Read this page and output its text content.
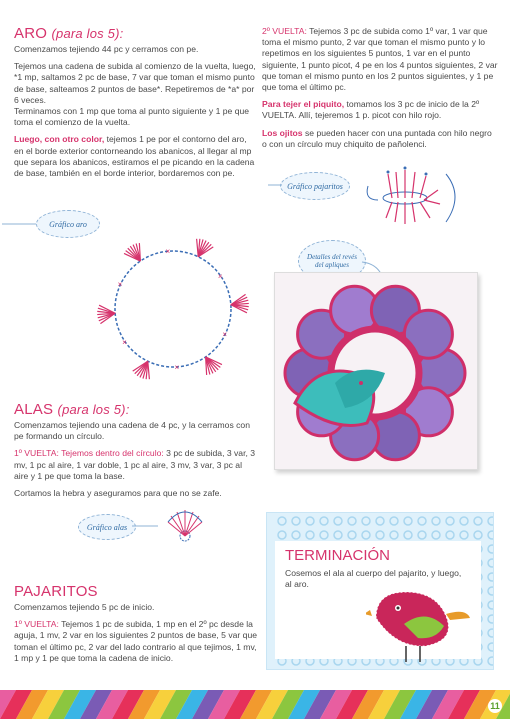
ARO (para los 5):

Comenzamos tejiendo 44 pc y cerramos con pe.

Tejemos una cadena de subida al comienzo de la vuelta, luego, *1 mp, saltamos 2 pc de base, 7 var que toman el mismo punto de base, salteamos 2 puntos de base*. Repetiremos de *a* por 6 veces.

Terminamos con 1 mp que toma al punto siguiente y 1 pe que toma el comienzo de la vuelta.

Luego, con otro color, tejemos 1 pe por el contorno del aro, en el borde exterior contorneando los abanicos, al llegar al mp que separa los abanicos, estiramos el pe picando en la cadena de base, también en el borde interior, bordaremos con pe.

Gráfico aro
×
×
×
×
×
×
ALAS (para los 5):

Comenzamos tejiendo una cadena de 4 pc, y la cerramos con pe formando un círculo.

1º VUELTA: Tejemos dentro del círculo: 3 pc de subida, 3 var, 3 mv, 1 pc al aire, 1 var doble, 1 pc al aire, 3 mv, 3 var, 3 pc al aire y 1 pe que toma la base.

Cortamos la hebra y aseguramos para que no se zafe.

Gráfico alas
PAJARITOS

Comenzamos tejiendo 5 pc de inicio.

1º VUELTA: Tejemos 1 pc de subida, 1 mp en el 2º pc desde la aguja, 1 mv, 2 var en los siguientes 2 puntos de base, 5 var que toman el último pc, 2 var del lado contrario al que tejimos, 1 mv, 1 mp y 1 pe que toma la cadena de inicio.

2º VUELTA: Tejemos 3 pc de subida como 1º var, 1 var que toma el mismo punto, 2 var que toman el mismo punto y lo repetimos en los siguientes 5 puntos, 1 var en el punto siguiente, 1 punto picot, 4 pe en los 4 puntos siguientes, 2 var que toman el mismo punto en los 2 puntos siguientes, y 1 pe que toma el último pc.

Para tejer el piquito, tomamos los 3 pc de inicio de la 2º VUELTA. Allí, tejeremos 1 p. picot con hilo rojo.

Los ojitos se pueden hacer con una puntada con hilo negro o con un círculo muy chiquito de pañolenci.

Gráfico pajaritos
Detalles del revés del apliques
TERMINACIÓN
Cosemos el ala al cuerpo del pajarito, y luego, al aro.
11
